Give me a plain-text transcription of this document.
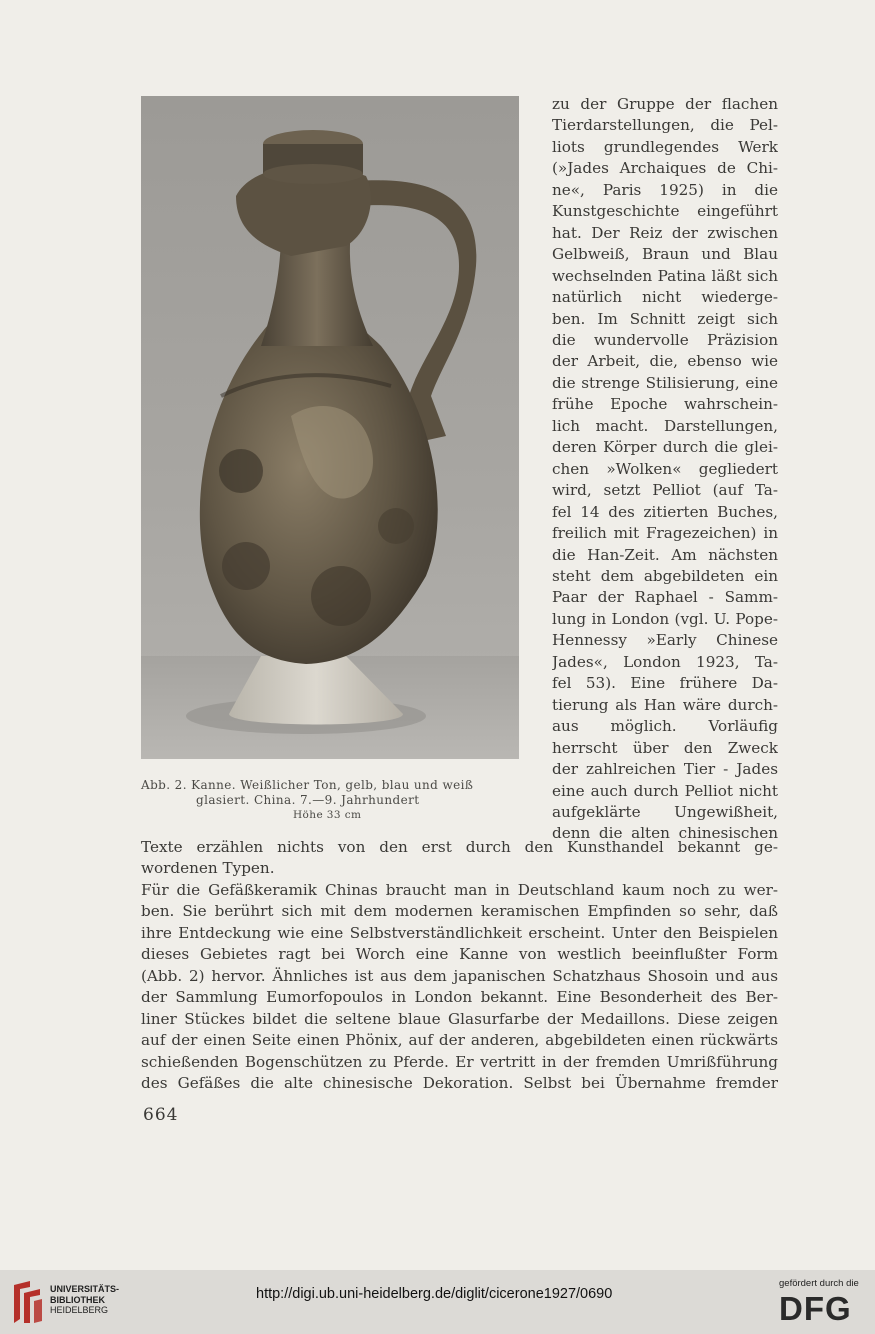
Abb. 2. Kanne. Weißlicher Ton, gelb, blau und weiß
glasiert. China. 7.—9. Jahrhundert
Höhe 33 cm
zu der Gruppe der flachen
Tierdarstellungen, die Pel-
liots grundlegendes Werk
(»Jades Archaiques de Chi-
ne«, Paris 1925) in die
Kunstgeschichte eingeführt
hat. Der Reiz der zwischen
Gelbweiß, Braun und Blau
wechselnden Patina läßt sich
natürlich nicht wiederge-
ben. Im Schnitt zeigt sich
die wundervolle Präzision
der Arbeit, die, ebenso wie
die strenge Stilisierung, eine
frühe Epoche wahrschein-
lich macht. Darstellungen,
deren Körper durch die glei-
chen »Wolken« gegliedert
wird, setzt Pelliot (auf Ta-
fel 14 des zitierten Buches,
freilich mit Fragezeichen) in
die Han-Zeit. Am nächsten
steht dem abgebildeten ein
Paar der Raphael - Samm-
lung in London (vgl. U. Pope-
Hennessy »Early Chinese
Jades«, London 1923, Ta-
fel 53). Eine frühere Da-
tierung als Han wäre durch-
aus möglich. Vorläufig
herrscht über den Zweck
der zahlreichen Tier - Jades
eine auch durch Pelliot nicht
aufgeklärte Ungewißheit,
denn die alten chinesischen
Texte erzählen nichts von den erst durch den Kunsthandel bekannt ge-
wordenen Typen.
Für die Gefäßkeramik Chinas braucht man in Deutschland kaum noch zu wer-
ben. Sie berührt sich mit dem modernen keramischen Empfinden so sehr, daß
ihre Entdeckung wie eine Selbstverständlichkeit erscheint. Unter den Beispielen
dieses Gebietes ragt bei Worch eine Kanne von westlich beeinflußter Form
(Abb. 2) hervor. Ähnliches ist aus dem japanischen Schatzhaus Shosoin und aus
der Sammlung Eumorfopoulos in London bekannt. Eine Besonderheit des Ber-
liner Stückes bildet die seltene blaue Glasurfarbe der Medaillons. Diese zeigen
auf der einen Seite einen Phönix, auf der anderen, abgebildeten einen rückwärts
schießenden Bogenschützen zu Pferde. Er vertritt in der fremden Umrißführung
des Gefäßes die alte chinesische Dekoration. Selbst bei Übernahme fremder
664
UNIVERSITÄTS-
BIBLIOTHEK
HEIDELBERG
http://digi.ub.uni-heidelberg.de/diglit/cicerone1927/0690
gefördert durch die
DFG
